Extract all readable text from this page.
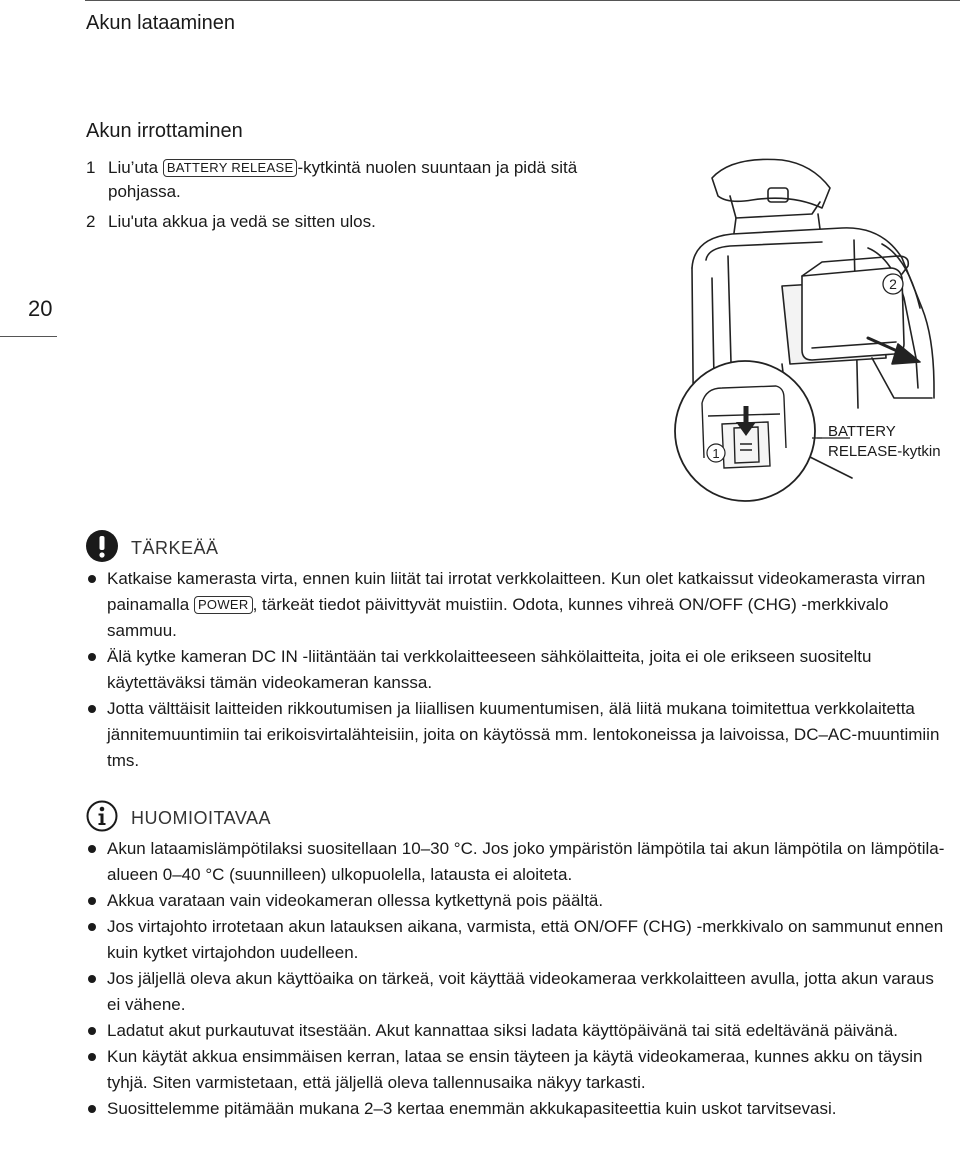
Akun lataaminen
Akun irrottaminen
1 Liu’uta BATTERY RELEASE -kytkintä nuolen suuntaan ja pidä sitä pohjassa.
2 Liu'uta akkua ja vedä se sitten ulos.
20
2
1
BATTERY RELEASE-kytkin
TÄRKEÄÄ
Katkaise kamerasta virta, ennen kuin liität tai irrotat verkkolaitteen. Kun olet katkaissut videokamerasta virran painamalla POWER , tärkeät tiedot päivittyvät muistiin. Odota, kunnes vihreä ON/OFF (CHG) -merkkivalo sammuu.
Älä kytke kameran DC IN -liitäntään tai verkkolaitteeseen sähkölaitteita, joita ei ole erikseen suositeltu käytettäväksi tämän videokameran kanssa.
Jotta välttäisit laitteiden rikkoutumisen ja liiallisen kuumentumisen, älä liitä mukana toimitettua verkkolaitetta jännitemuuntimiin tai erikoisvirtalähteisiin, joita on käytössä mm. lentokoneissa ja laivoissa, DC–AC-muuntimiin tms.
HUOMIOITAVAA
Akun lataamislämpötilaksi suositellaan 10–30 °C. Jos joko ympäristön lämpötila tai akun lämpötila on lämpötila-alueen 0–40 °C (suunnilleen) ulkopuolella, latausta ei aloiteta.
Akkua varataan vain videokameran ollessa kytkettynä pois päältä.
Jos virtajohto irrotetaan akun latauksen aikana, varmista, että ON/OFF (CHG) -merkkivalo on sammunut ennen kuin kytket virtajohdon uudelleen.
Jos jäljellä oleva akun käyttöaika on tärkeä, voit käyttää videokameraa verkkolaitteen avulla, jotta akun varaus ei vähene.
Ladatut akut purkautuvat itsestään. Akut kannattaa siksi ladata käyttöpäivänä tai sitä edeltävänä päivänä.
Kun käytät akkua ensimmäisen kerran, lataa se ensin täyteen ja käytä videokameraa, kunnes akku on täysin tyhjä. Siten varmistetaan, että jäljellä oleva tallennusaika näkyy tarkasti.
Suosittelemme pitämään mukana 2–3 kertaa enemmän akkukapasiteettia kuin uskot tarvitsevasi.
